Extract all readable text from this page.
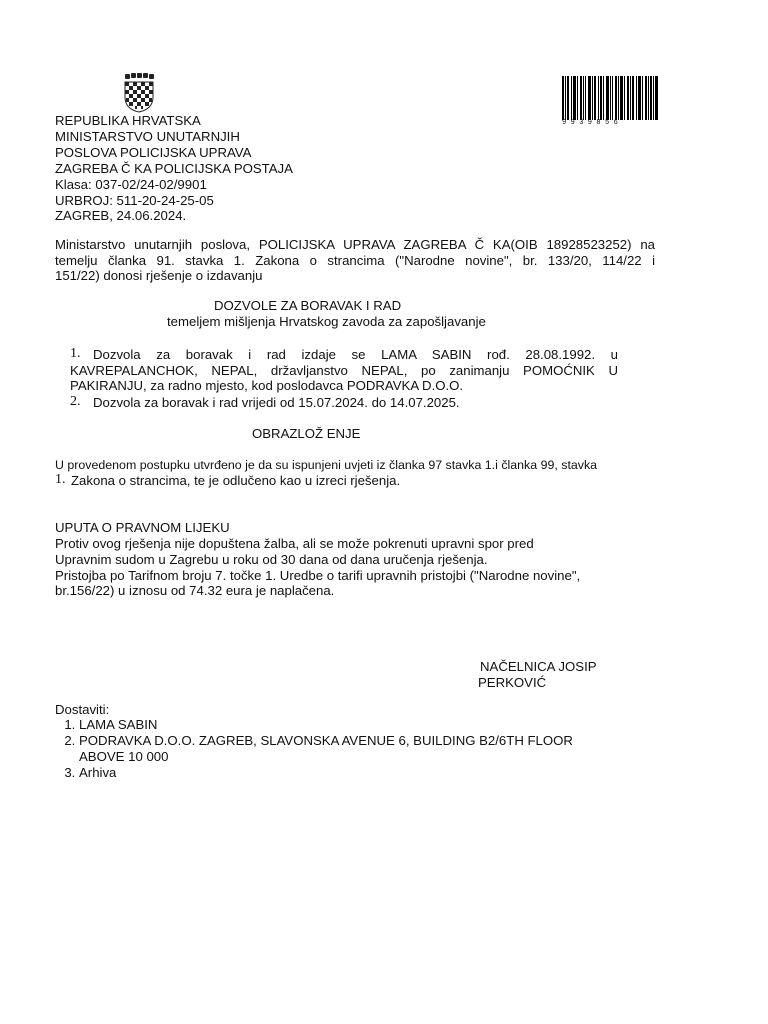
9939856
REPUBLIKA HRVATSKA
MINISTARSTVO UNUTARNJIH
POSLOVA POLICIJSKA UPRAVA
ZAGREBA Č KA POLICIJSKA POSTAJA
Klasa: 037-02/24-02/9901
URBROJ: 511-20-24-25-05
ZAGREB, 24.06.2024.
Ministarstvo unutarnjih poslova, POLICIJSKA UPRAVA ZAGREBA Č KA(OIB 18928523252) na
temelju članka 91. stavka 1. Zakona o strancima ("Narodne novine", br. 133/20, 114/22 i
151/22) donosi rješenje o izdavanju
DOZVOLE ZA BORAVAK I RAD
temeljem mišljenja Hrvatskog zavoda za zapošljavanje
1. Dozvola za boravak i rad izdaje se LAMA SABIN rođ. 28.08.1992. u
KAVREPALANCHOK, NEPAL, državljanstvo NEPAL, po zanimanju POMOĆNIK U
PAKIRANJU, za radno mjesto, kod poslodavca PODRAVKA D.O.O.
2. Dozvola za boravak i rad vrijedi od 15.07.2024. do 14.07.2025.
OBRAZLOŽ ENJE
U provedenom postupku utvrđeno je da su ispunjeni uvjeti iz članka 97 stavka 1.i članka 99, stavka
1. Zakona o strancima, te je odlučeno kao u izreci rješenja.
UPUTA O PRAVNOM LIJEKU
Protiv ovog rješenja nije dopuštena žalba, ali se može pokrenuti upravni spor pred
Upravnim sudom u Zagrebu u roku od 30 dana od dana uručenja rješenja.
Pristojba po Tarifnom broju 7. točke 1. Uredbe o tarifi upravnih pristojbi ("Narodne novine",
br.156/22) u iznosu od 74.32 eura je naplačena.
NAČELNICA JOSIP
PERKOVIĆ
Dostaviti:
1. LAMA SABIN
2. PODRAVKA D.O.O. ZAGREB, SLAVONSKA AVENUE 6, BUILDING B2/6TH FLOOR ABOVE 10 000
3. Arhiva
